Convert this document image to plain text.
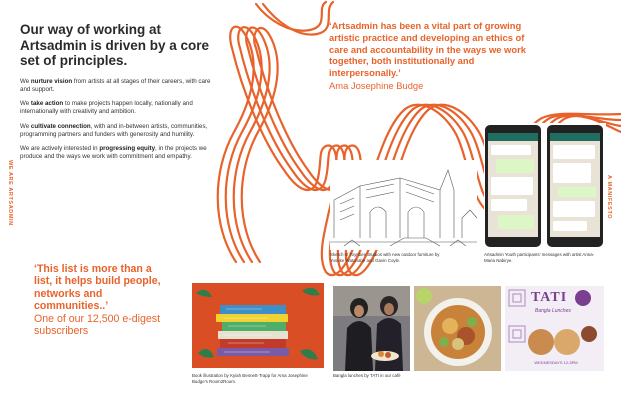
Our way of working at Artsadmin is driven by a core set of principles.

We nurture vision from artists at all stages of their careers, with care and support.

We take action to make projects happen locally, nationally and internationally with creativity and ambition.

We cultivate connection, with and in-between artists, communities, programming partners and funders with generosity and humility.

We are actively interested in progressing equity, in the projects we produce and the ways we work with commitment and empathy.

WE ARE ARTSADMIN	A MANIFESTO
‘Artsadmin has been a vital part of growing artistic practice and developing an ethics of care and accountability in the ways we work together, both institutionally and interpersonally.’
Ama Josephine Budge
‘This list is more than a list, it helps build people, networks and communities..’
One of our 12,500 e-digest subscribers
Sketch of Toynbee Studios with new outdoor furniture by Yosuke Watanabe and Gavin Coyle.
Artsadmin Youth participants’ messages with artist Anna-Maria Nabirye.
Book illustration by Kyiah Bennett-Trapp for Ama Josephine Budge’s Room2Room.
Bangla lunches by TATI in our café
TATI
Bangla Lunches
WEDNESDAYS 12-3PM
